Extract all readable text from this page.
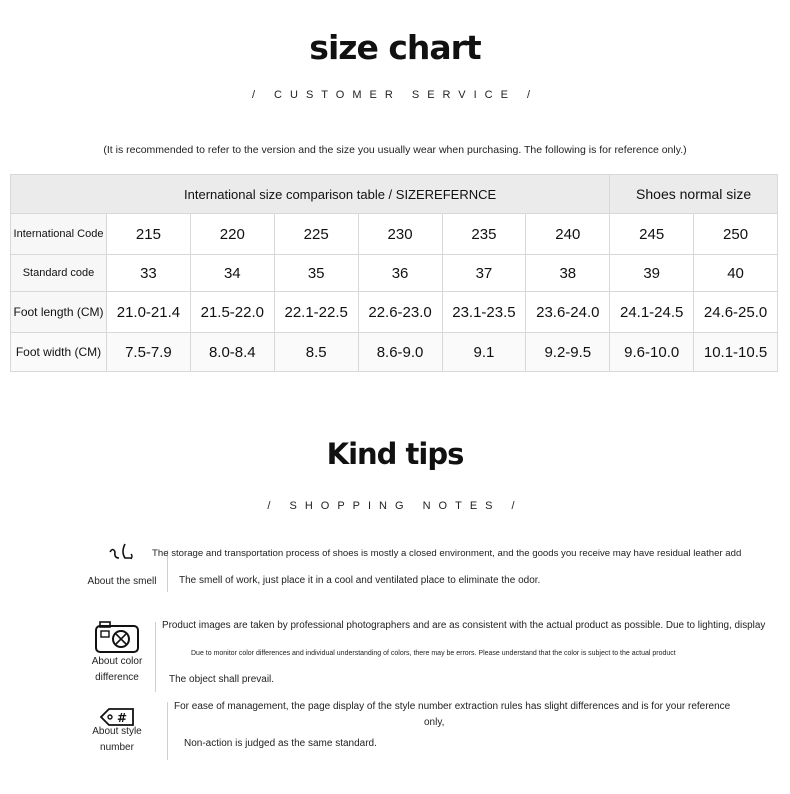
size chart
/ CUSTOMER SERVICE /
(It is recommended to refer to the version and the size you usually wear when purchasing. The following is for reference only.)
International size comparison table / SIZEREFERNCE							Shoes normal size	
International Code	215	220	225	230	235	240	245	250
Standard code	33	34	35	36	37	38	39	40
Foot length (CM)	21.0-21.4	21.5-22.0	22.1-22.5	22.6-23.0	23.1-23.5	23.6-24.0	24.1-24.5	24.6-25.0
Foot width (CM)	7.5-7.9	8.0-8.4	8.5	8.6-9.0	9.1	9.2-9.5	9.6-10.0	10.1-10.5
Kind tips
/ SHOPPING NOTES /
About the smell
The storage and transportation process of shoes is mostly a closed environment, and the goods you receive may have residual leather add
The smell of work, just place it in a cool and ventilated place to eliminate the odor.
About color
difference
Product images are taken by professional photographers and are as consistent with the actual product as possible. Due to lighting, display
Due to monitor color differences and individual understanding of colors, there may be errors. Please understand that the color is subject to the actual product
The object shall prevail.
#
About style
number
For ease of management, the page display of the style number extraction rules has slight differences and is for your reference
only,
Non-action is judged as the same standard.
